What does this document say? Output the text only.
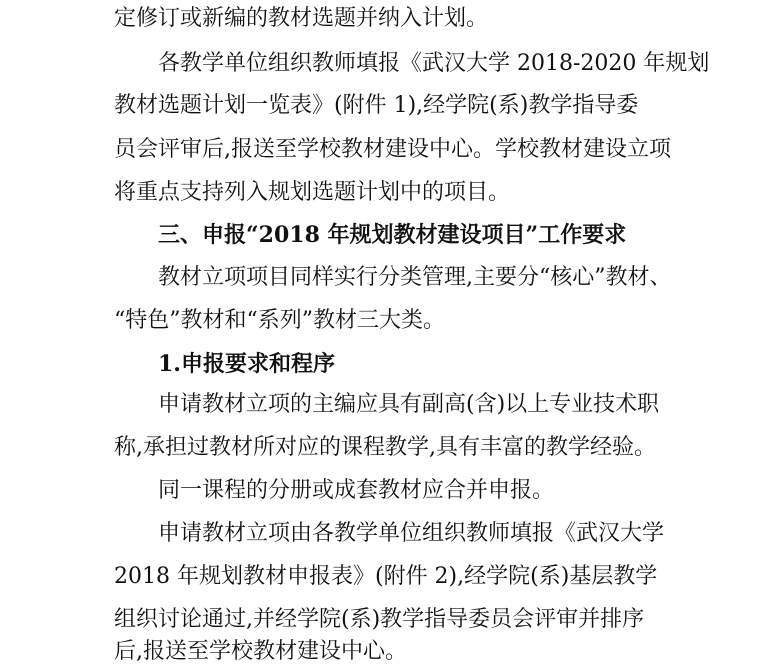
定修订或新编的教材选题并纳入计划。
各教学单位组织教师填报《武汉大学 2018-2020 年规划
教材选题计划一览表》(附件 1),经学院(系)教学指导委
员会评审后,报送至学校教材建设中心。学校教材建设立项
将重点支持列入规划选题计划中的项目。
三、申报“2018 年规划教材建设项目”工作要求
教材立项项目同样实行分类管理,主要分“核心”教材、
“特色”教材和“系列”教材三大类。
1.申报要求和程序
申请教材立项的主编应具有副高(含)以上专业技术职
称,承担过教材所对应的课程教学,具有丰富的教学经验。
同一课程的分册或成套教材应合并申报。
申请教材立项由各教学单位组织教师填报《武汉大学
2018 年规划教材申报表》(附件 2),经学院(系)基层教学
组织讨论通过,并经学院(系)教学指导委员会评审并排序
后,报送至学校教材建设中心。
